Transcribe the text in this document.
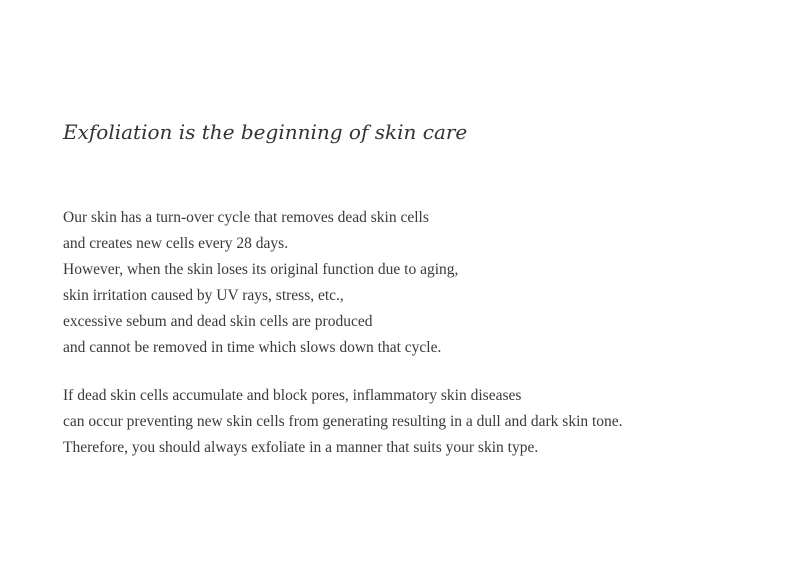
Exfoliation is the beginning of skin care

Our skin has a turn-over cycle that removes dead skin cells

and creates new cells every 28 days.

However, when the skin loses its original function due to aging,

skin irritation caused by UV rays, stress, etc.,

excessive sebum and dead skin cells are produced

and cannot be removed in time which slows down that cycle.

If dead skin cells accumulate and block pores, inflammatory skin diseases

can occur preventing new skin cells from generating resulting in a dull and dark skin tone.

Therefore, you should always exfoliate in a manner that suits your skin type.
